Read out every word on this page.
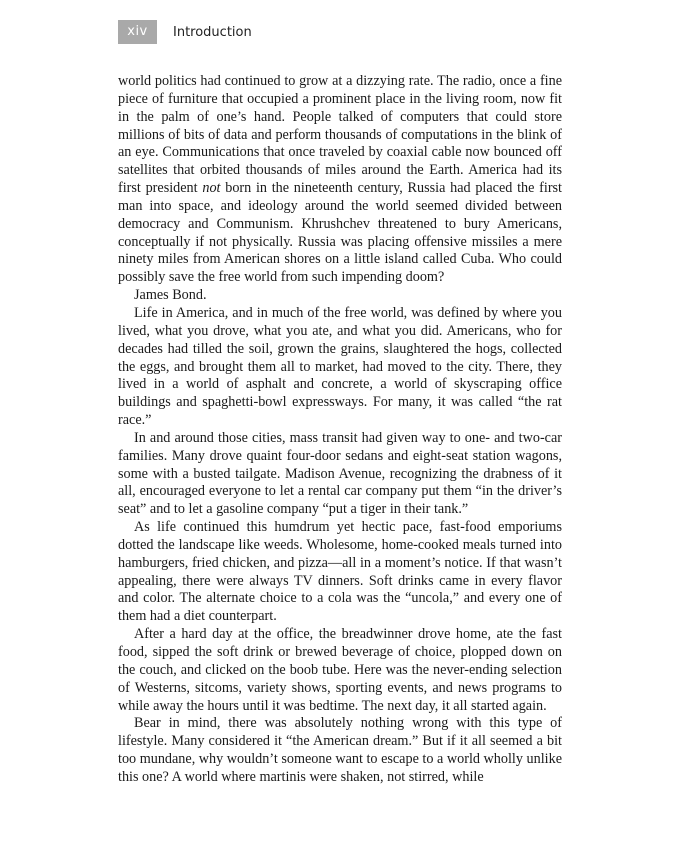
xiv	Introduction

world politics had continued to grow at a dizzying rate. The radio, once a fine piece of furniture that occupied a prominent place in the living room, now fit in the palm of one’s hand. People talked of computers that could store millions of bits of data and perform thousands of computations in the blink of an eye. Communications that once traveled by coaxial cable now bounced off satellites that orbited thousands of miles around the Earth. America had its first president not born in the nineteenth century, Russia had placed the first man into space, and ideology around the world seemed divided between democracy and Communism. Khrushchev threatened to bury Americans, conceptually if not physically. Russia was placing offensive missiles a mere ninety miles from American shores on a little island called Cuba. Who could possibly save the free world from such impending doom?

James Bond.

Life in America, and in much of the free world, was defined by where you lived, what you drove, what you ate, and what you did. Americans, who for decades had tilled the soil, grown the grains, slaughtered the hogs, collected the eggs, and brought them all to market, had moved to the city. There, they lived in a world of asphalt and concrete, a world of skyscraping office buildings and spaghetti-bowl expressways. For many, it was called “the rat race.”

In and around those cities, mass transit had given way to one- and two-car families. Many drove quaint four-door sedans and eight-seat station wagons, some with a busted tailgate. Madison Avenue, recognizing the drabness of it all, encouraged everyone to let a rental car company put them “in the driver’s seat” and to let a gasoline company “put a tiger in their tank.”

As life continued this humdrum yet hectic pace, fast-food emporiums dotted the landscape like weeds. Wholesome, home-cooked meals turned into hamburgers, fried chicken, and pizza—all in a moment’s notice. If that wasn’t appealing, there were always TV dinners. Soft drinks came in every flavor and color. The alternate choice to a cola was the “uncola,” and every one of them had a diet counterpart.

After a hard day at the office, the breadwinner drove home, ate the fast food, sipped the soft drink or brewed beverage of choice, plopped down on the couch, and clicked on the boob tube. Here was the never-ending selection of Westerns, sitcoms, variety shows, sporting events, and news programs to while away the hours until it was bedtime. The next day, it all started again.

Bear in mind, there was absolutely nothing wrong with this type of lifestyle. Many considered it “the American dream.” But if it all seemed a bit too mundane, why wouldn’t someone want to escape to a world wholly unlike this one? A world where martinis were shaken, not stirred, while
